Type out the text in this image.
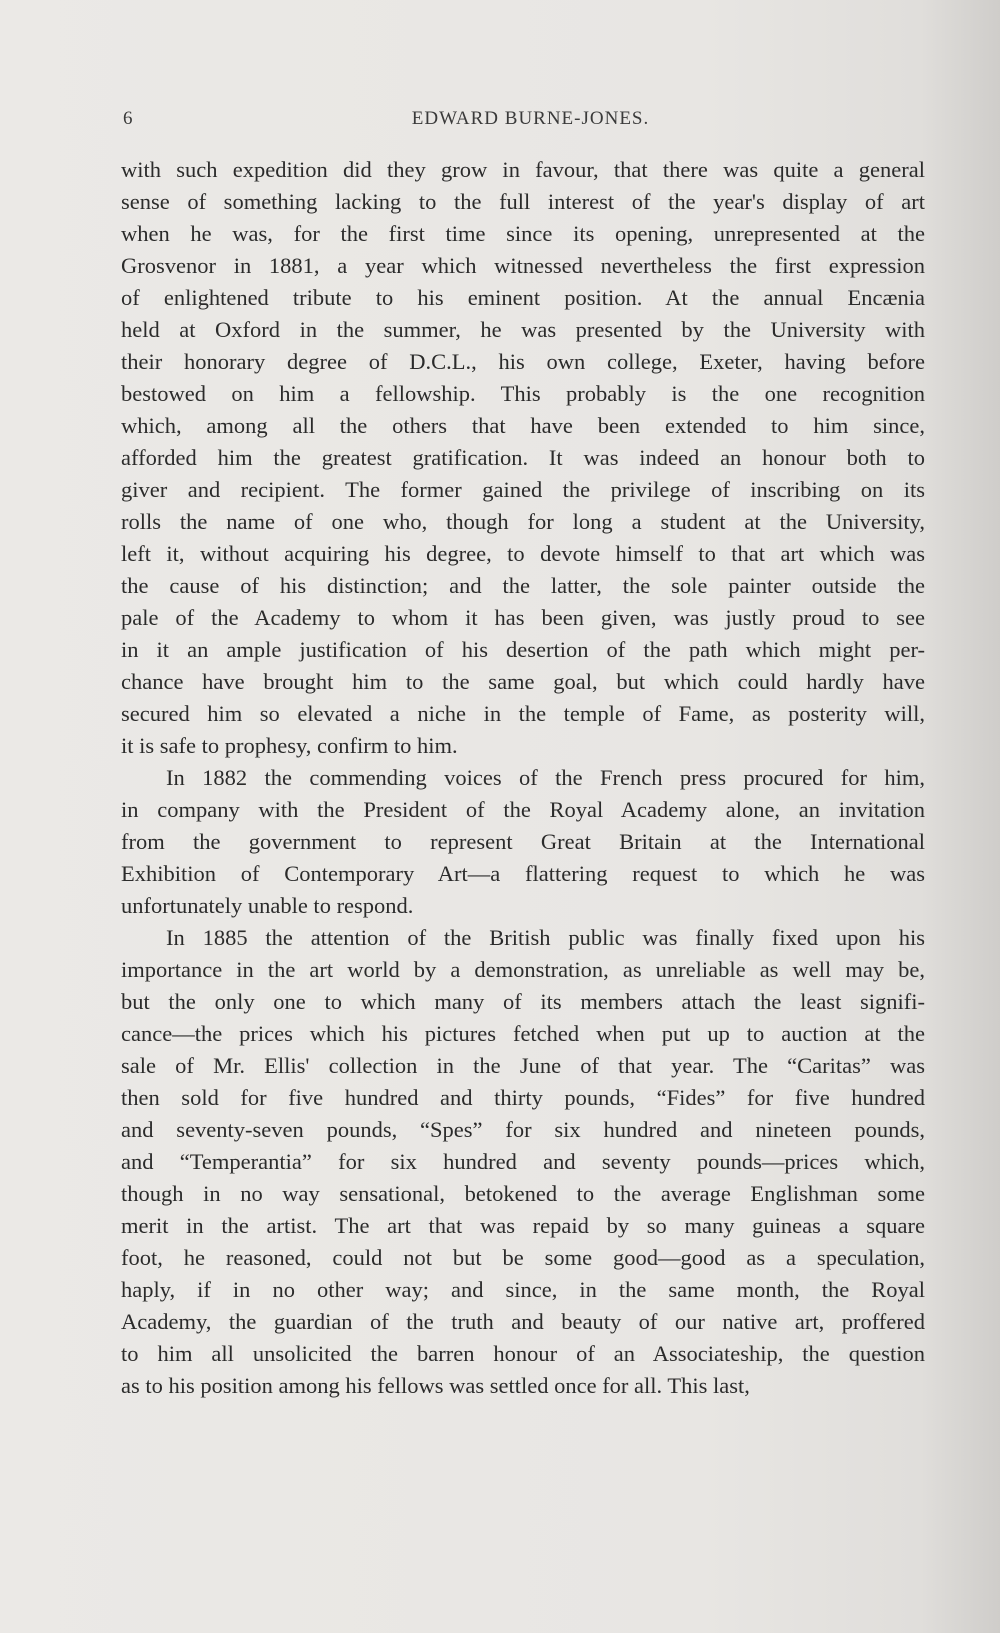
6	EDWARD BURNE-JONES.

with such expedition did they grow in favour, that there was quite a general
sense of something lacking to the full interest of the year's display of art
when he was, for the first time since its opening, unrepresented at the
Grosvenor in 1881, a year which witnessed nevertheless the first expression
of enlightened tribute to his eminent position. At the annual Encænia
held at Oxford in the summer, he was presented by the University with
their honorary degree of D.C.L., his own college, Exeter, having before
bestowed on him a fellowship. This probably is the one recognition
which, among all the others that have been extended to him since,
afforded him the greatest gratification. It was indeed an honour both to
giver and recipient. The former gained the privilege of inscribing on its
rolls the name of one who, though for long a student at the University,
left it, without acquiring his degree, to devote himself to that art which was
the cause of his distinction; and the latter, the sole painter outside the
pale of the Academy to whom it has been given, was justly proud to see
in it an ample justification of his desertion of the path which might per-
chance have brought him to the same goal, but which could hardly have
secured him so elevated a niche in the temple of Fame, as posterity will,
it is safe to prophesy, confirm to him.

In 1882 the commending voices of the French press procured for him,
in company with the President of the Royal Academy alone, an invitation
from the government to represent Great Britain at the International
Exhibition of Contemporary Art—a flattering request to which he was
unfortunately unable to respond.

In 1885 the attention of the British public was finally fixed upon his
importance in the art world by a demonstration, as unreliable as well may be,
but the only one to which many of its members attach the least signifi-
cance—the prices which his pictures fetched when put up to auction at the
sale of Mr. Ellis' collection in the June of that year. The “Caritas” was
then sold for five hundred and thirty pounds, “Fides” for five hundred
and seventy-seven pounds, “Spes” for six hundred and nineteen pounds,
and “Temperantia” for six hundred and seventy pounds—prices which,
though in no way sensational, betokened to the average Englishman some
merit in the artist. The art that was repaid by so many guineas a square
foot, he reasoned, could not but be some good—good as a speculation,
haply, if in no other way; and since, in the same month, the Royal
Academy, the guardian of the truth and beauty of our native art, proffered
to him all unsolicited the barren honour of an Associateship, the question
as to his position among his fellows was settled once for all. This last,
